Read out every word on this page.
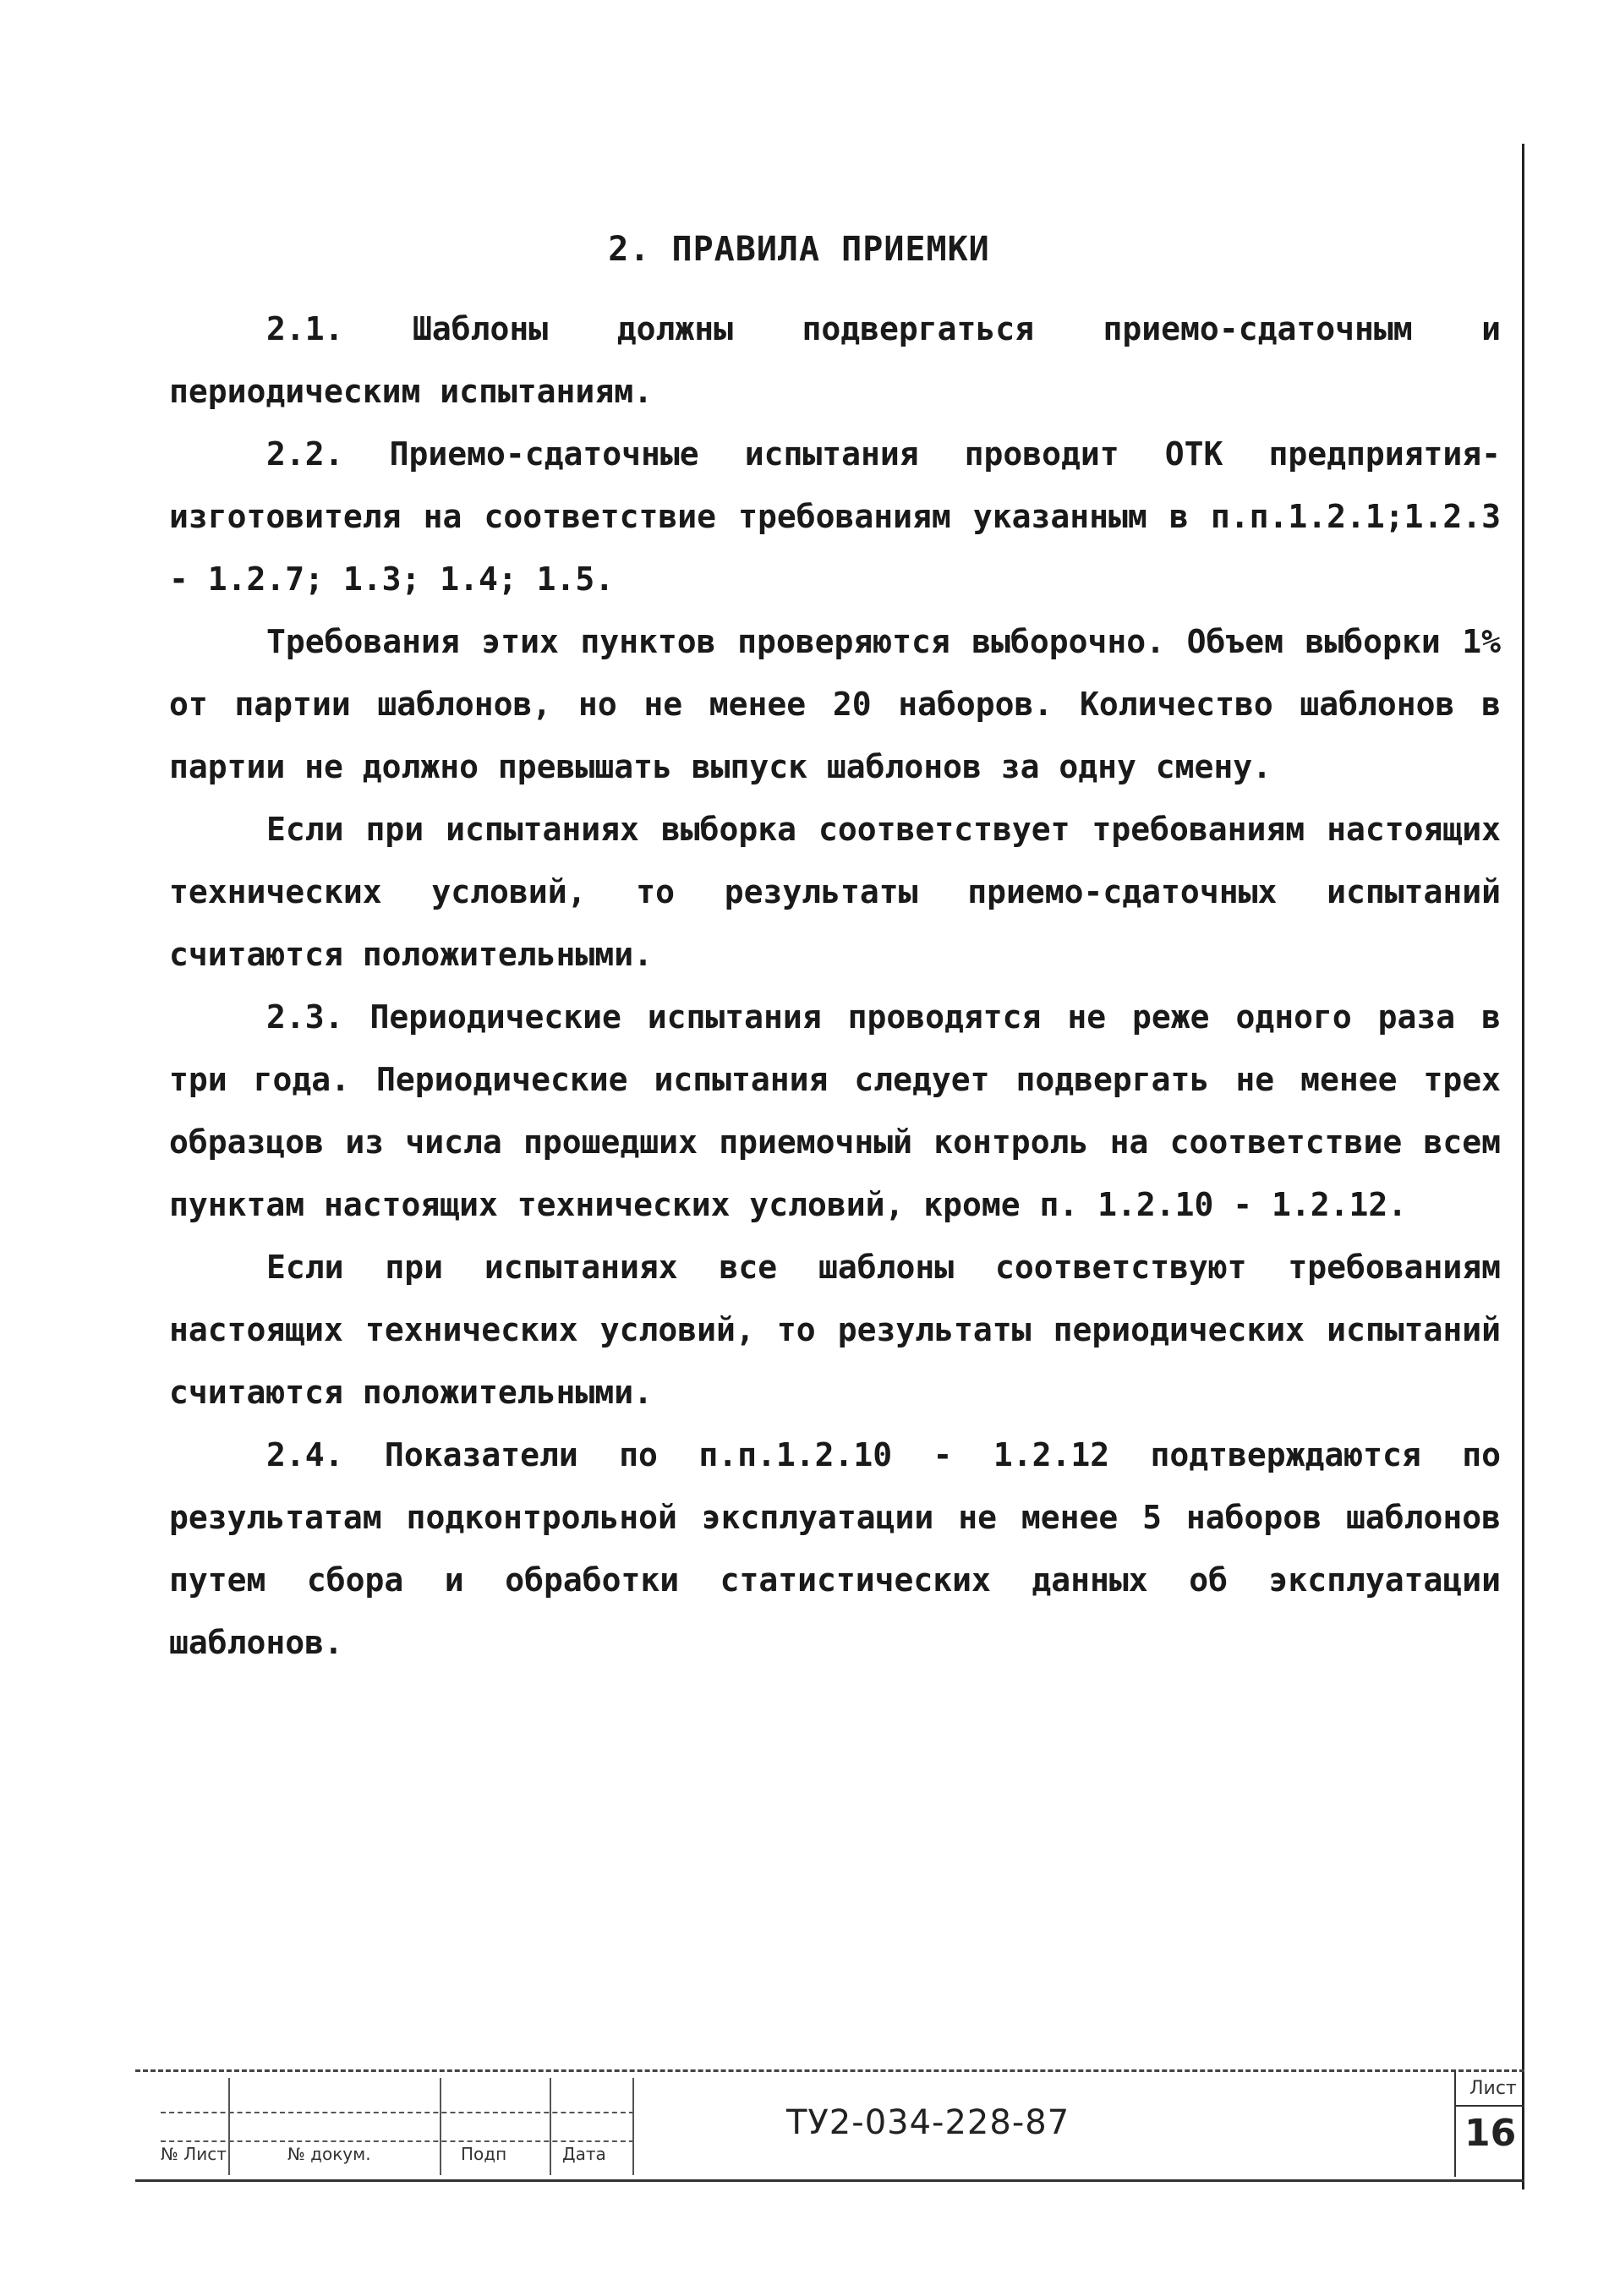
2. ПРАВИЛА ПРИЕМКИ

2.1. Шаблоны должны подвергаться приемо-сдаточным и периодическим испытаниям.

2.2. Приемо-сдаточные испытания проводит ОТК предприятия-изготовителя на соответствие требованиям указанным в п.п.1.2.1;1.2.3 - 1.2.7; 1.3; 1.4; 1.5.

Требования этих пунктов проверяются выборочно. Объем выборки 1% от партии шаблонов, но не менее 20 наборов. Количество шаблонов в партии не должно превышать выпуск шаблонов за одну смену.

Если при испытаниях выборка соответствует требованиям настоящих технических условий, то результаты приемо-сдаточных испытаний считаются положительными.

2.3. Периодические испытания проводятся не реже одного раза в три года. Периодические испытания следует подвергать не менее трех образцов из числа прошедших приемочный контроль на соответствие всем пунктам настоящих технических условий, кроме п. 1.2.10 - 1.2.12.

Если при испытаниях все шаблоны соответствуют требованиям настоящих технических условий, то результаты периодических испытаний считаются положительными.

2.4. Показатели по п.п.1.2.10 - 1.2.12 подтверждаются по результатам подконтрольной эксплуатации не менее 5 наборов шаблонов путем сбора и обработки статистических данных об эксплуатации шаблонов.

№ Лист	№ докум.	Подп	Дата
ТУ2-034-228-87
Лист
16
